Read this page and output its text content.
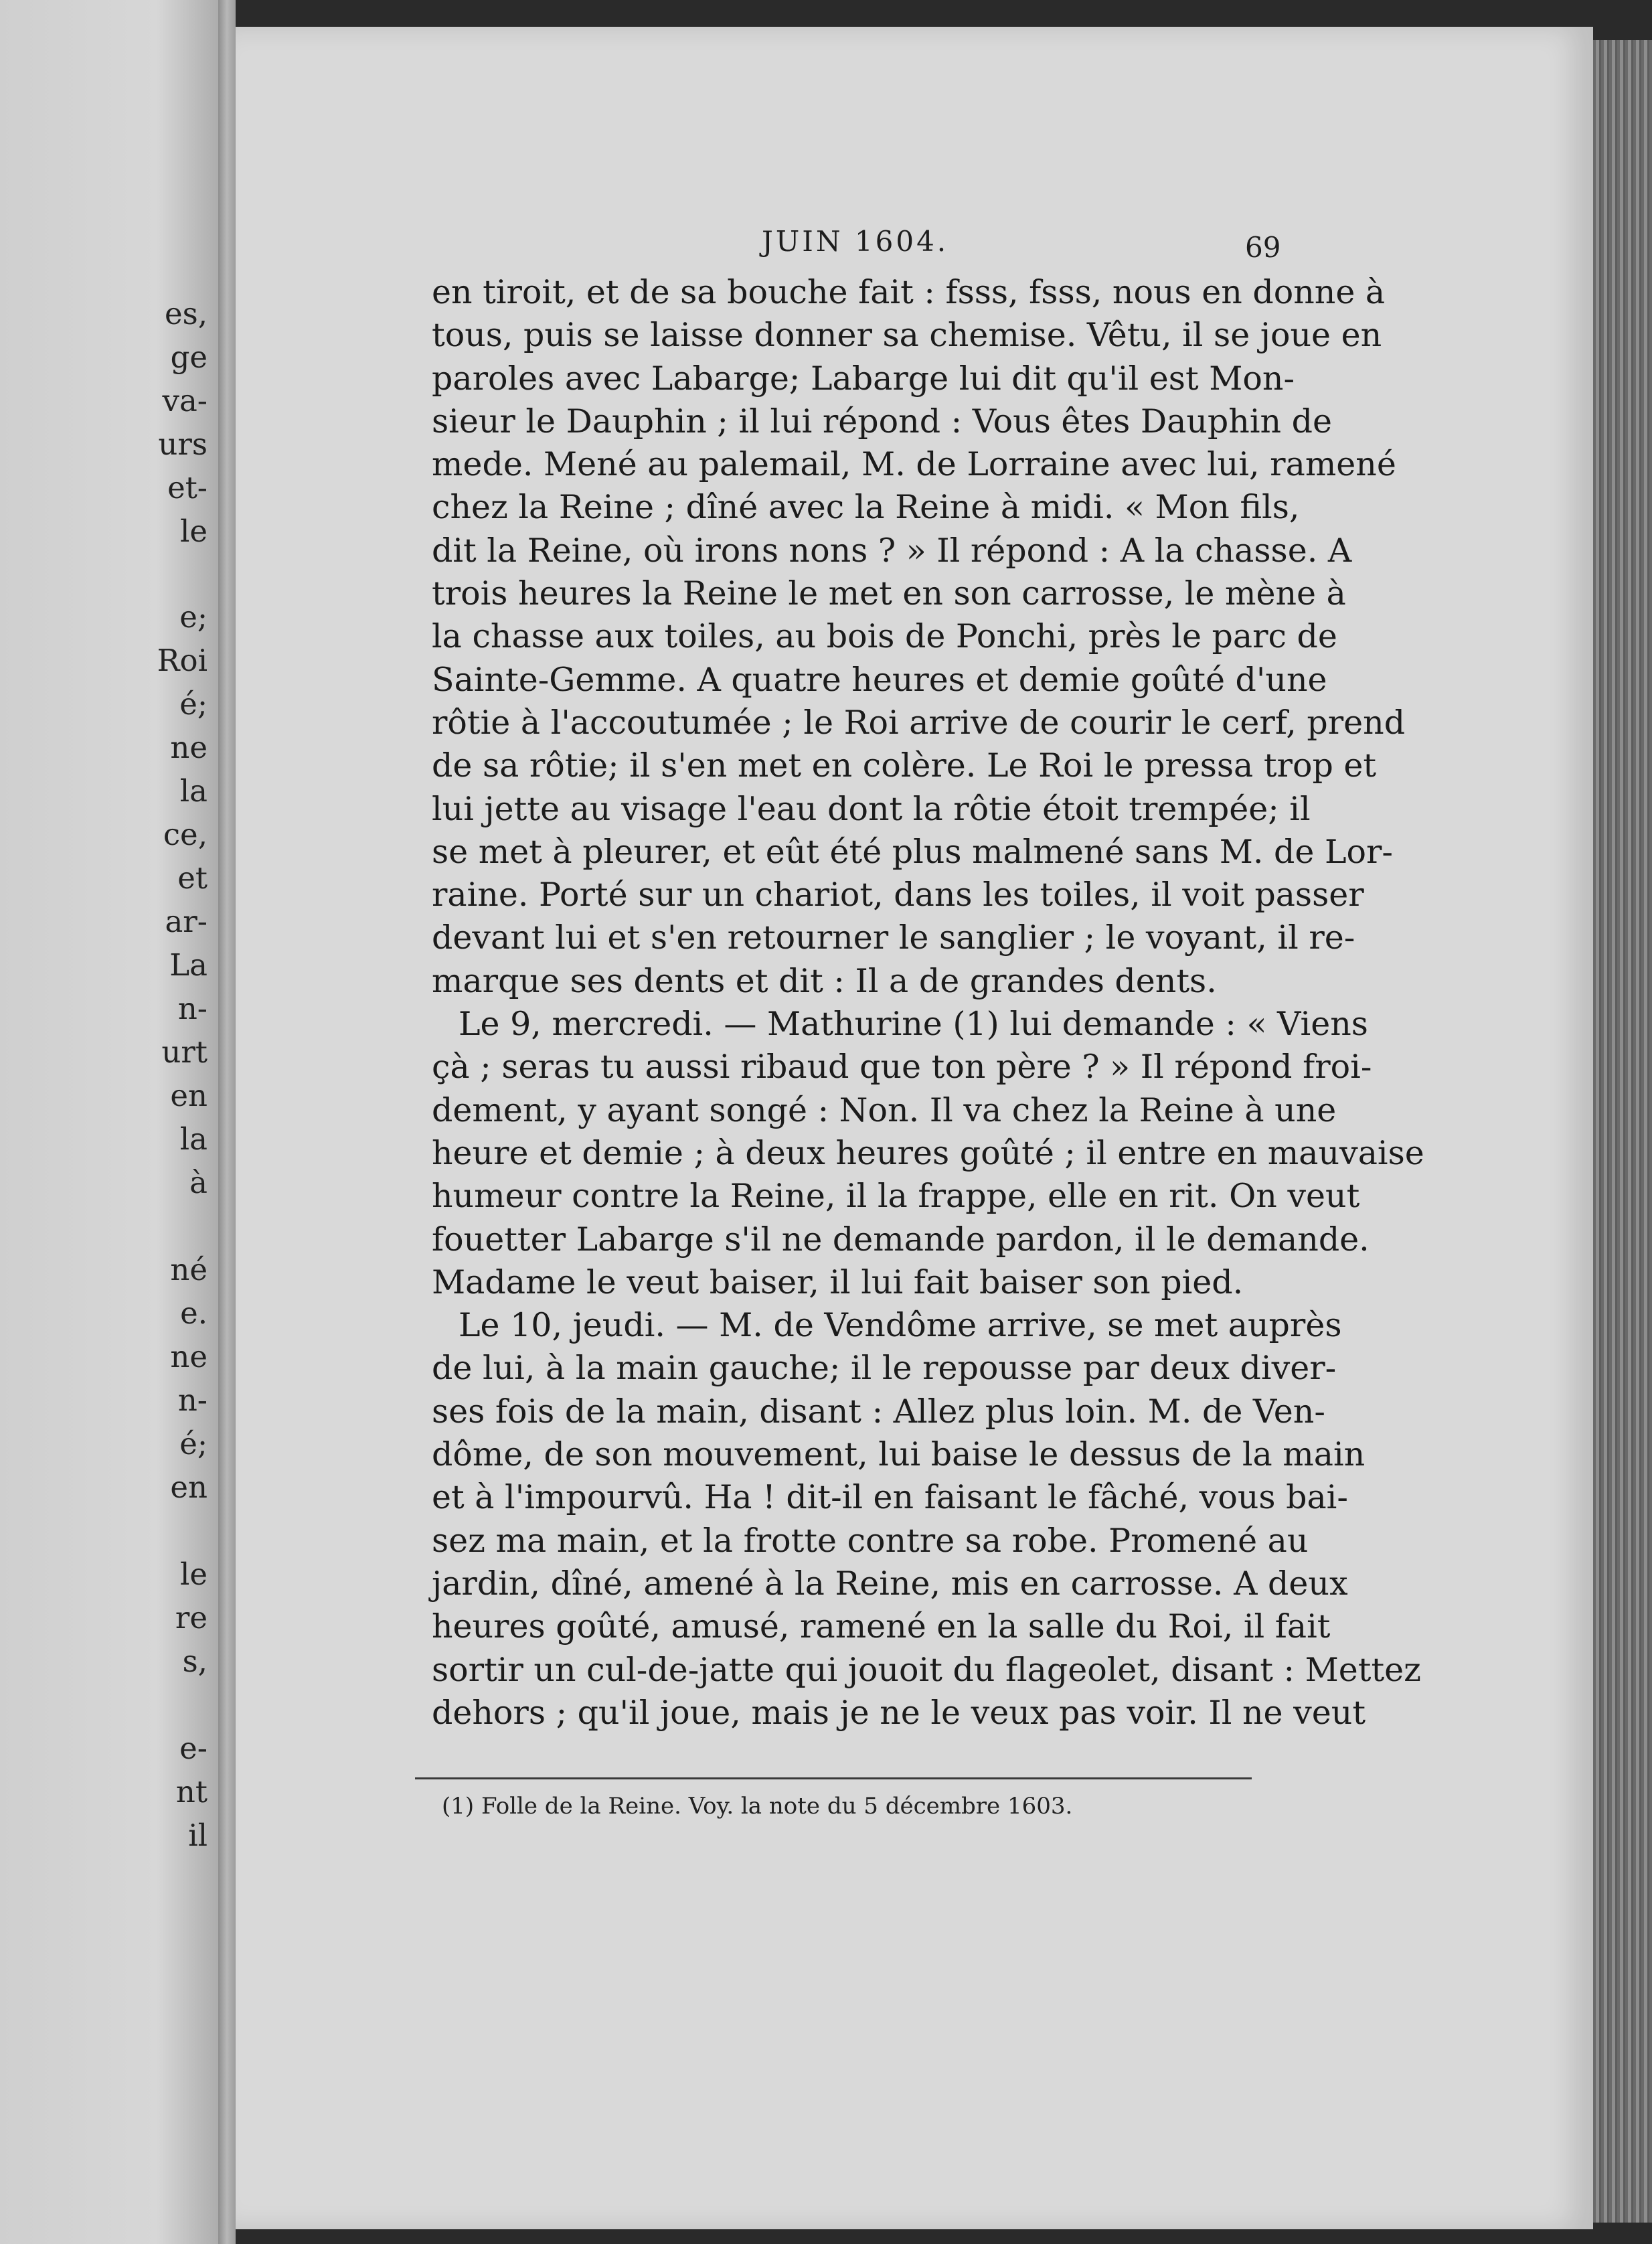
es,
ge
va-
urs
et-
le
e;
Roi
é;
ne
la
ce,
et
ar-
La
n-
urt
en
la
à
né
e.
ne
n-
é;
en
le
re
s,
e-
nt
il
JUIN 1604.	69
en tiroit, et de sa bouche fait : fsss, fsss, nous en donne à
tous, puis se laisse donner sa chemise. Vêtu, il se joue en
paroles avec Labarge; Labarge lui dit qu'il est Mon-
sieur le Dauphin ; il lui répond : Vous êtes Dauphin de
mede. Mené au palemail, M. de Lorraine avec lui, ramené
chez la Reine ; dîné avec la Reine à midi. « Mon fils,
dit la Reine, où irons nons ? » Il répond : A la chasse. A
trois heures la Reine le met en son carrosse, le mène à
la chasse aux toiles, au bois de Ponchi, près le parc de
Sainte-Gemme. A quatre heures et demie goûté d'une
rôtie à l'accoutumée ; le Roi arrive de courir le cerf, prend
de sa rôtie; il s'en met en colère. Le Roi le pressa trop et
lui jette au visage l'eau dont la rôtie étoit trempée; il
se met à pleurer, et eût été plus malmené sans M. de Lor-
raine. Porté sur un chariot, dans les toiles, il voit passer
devant lui et s'en retourner le sanglier ; le voyant, il re-
marque ses dents et dit : Il a de grandes dents.
Le 9, mercredi. — Mathurine (1) lui demande : « Viens
çà ; seras tu aussi ribaud que ton père ? » Il répond froi-
dement, y ayant songé : Non. Il va chez la Reine à une
heure et demie ; à deux heures goûté ; il entre en mauvaise
humeur contre la Reine, il la frappe, elle en rit. On veut
fouetter Labarge s'il ne demande pardon, il le demande.
Madame le veut baiser, il lui fait baiser son pied.
Le 10, jeudi. — M. de Vendôme arrive, se met auprès
de lui, à la main gauche; il le repousse par deux diver-
ses fois de la main, disant : Allez plus loin. M. de Ven-
dôme, de son mouvement, lui baise le dessus de la main
et à l'impourvû. Ha ! dit-il en faisant le fâché, vous bai-
sez ma main, et la frotte contre sa robe. Promené au
jardin, dîné, amené à la Reine, mis en carrosse. A deux
heures goûté, amusé, ramené en la salle du Roi, il fait
sortir un cul-de-jatte qui jouoit du flageolet, disant : Mettez
dehors ; qu'il joue, mais je ne le veux pas voir. Il ne veut
(1) Folle de la Reine. Voy. la note du 5 décembre 1603.
